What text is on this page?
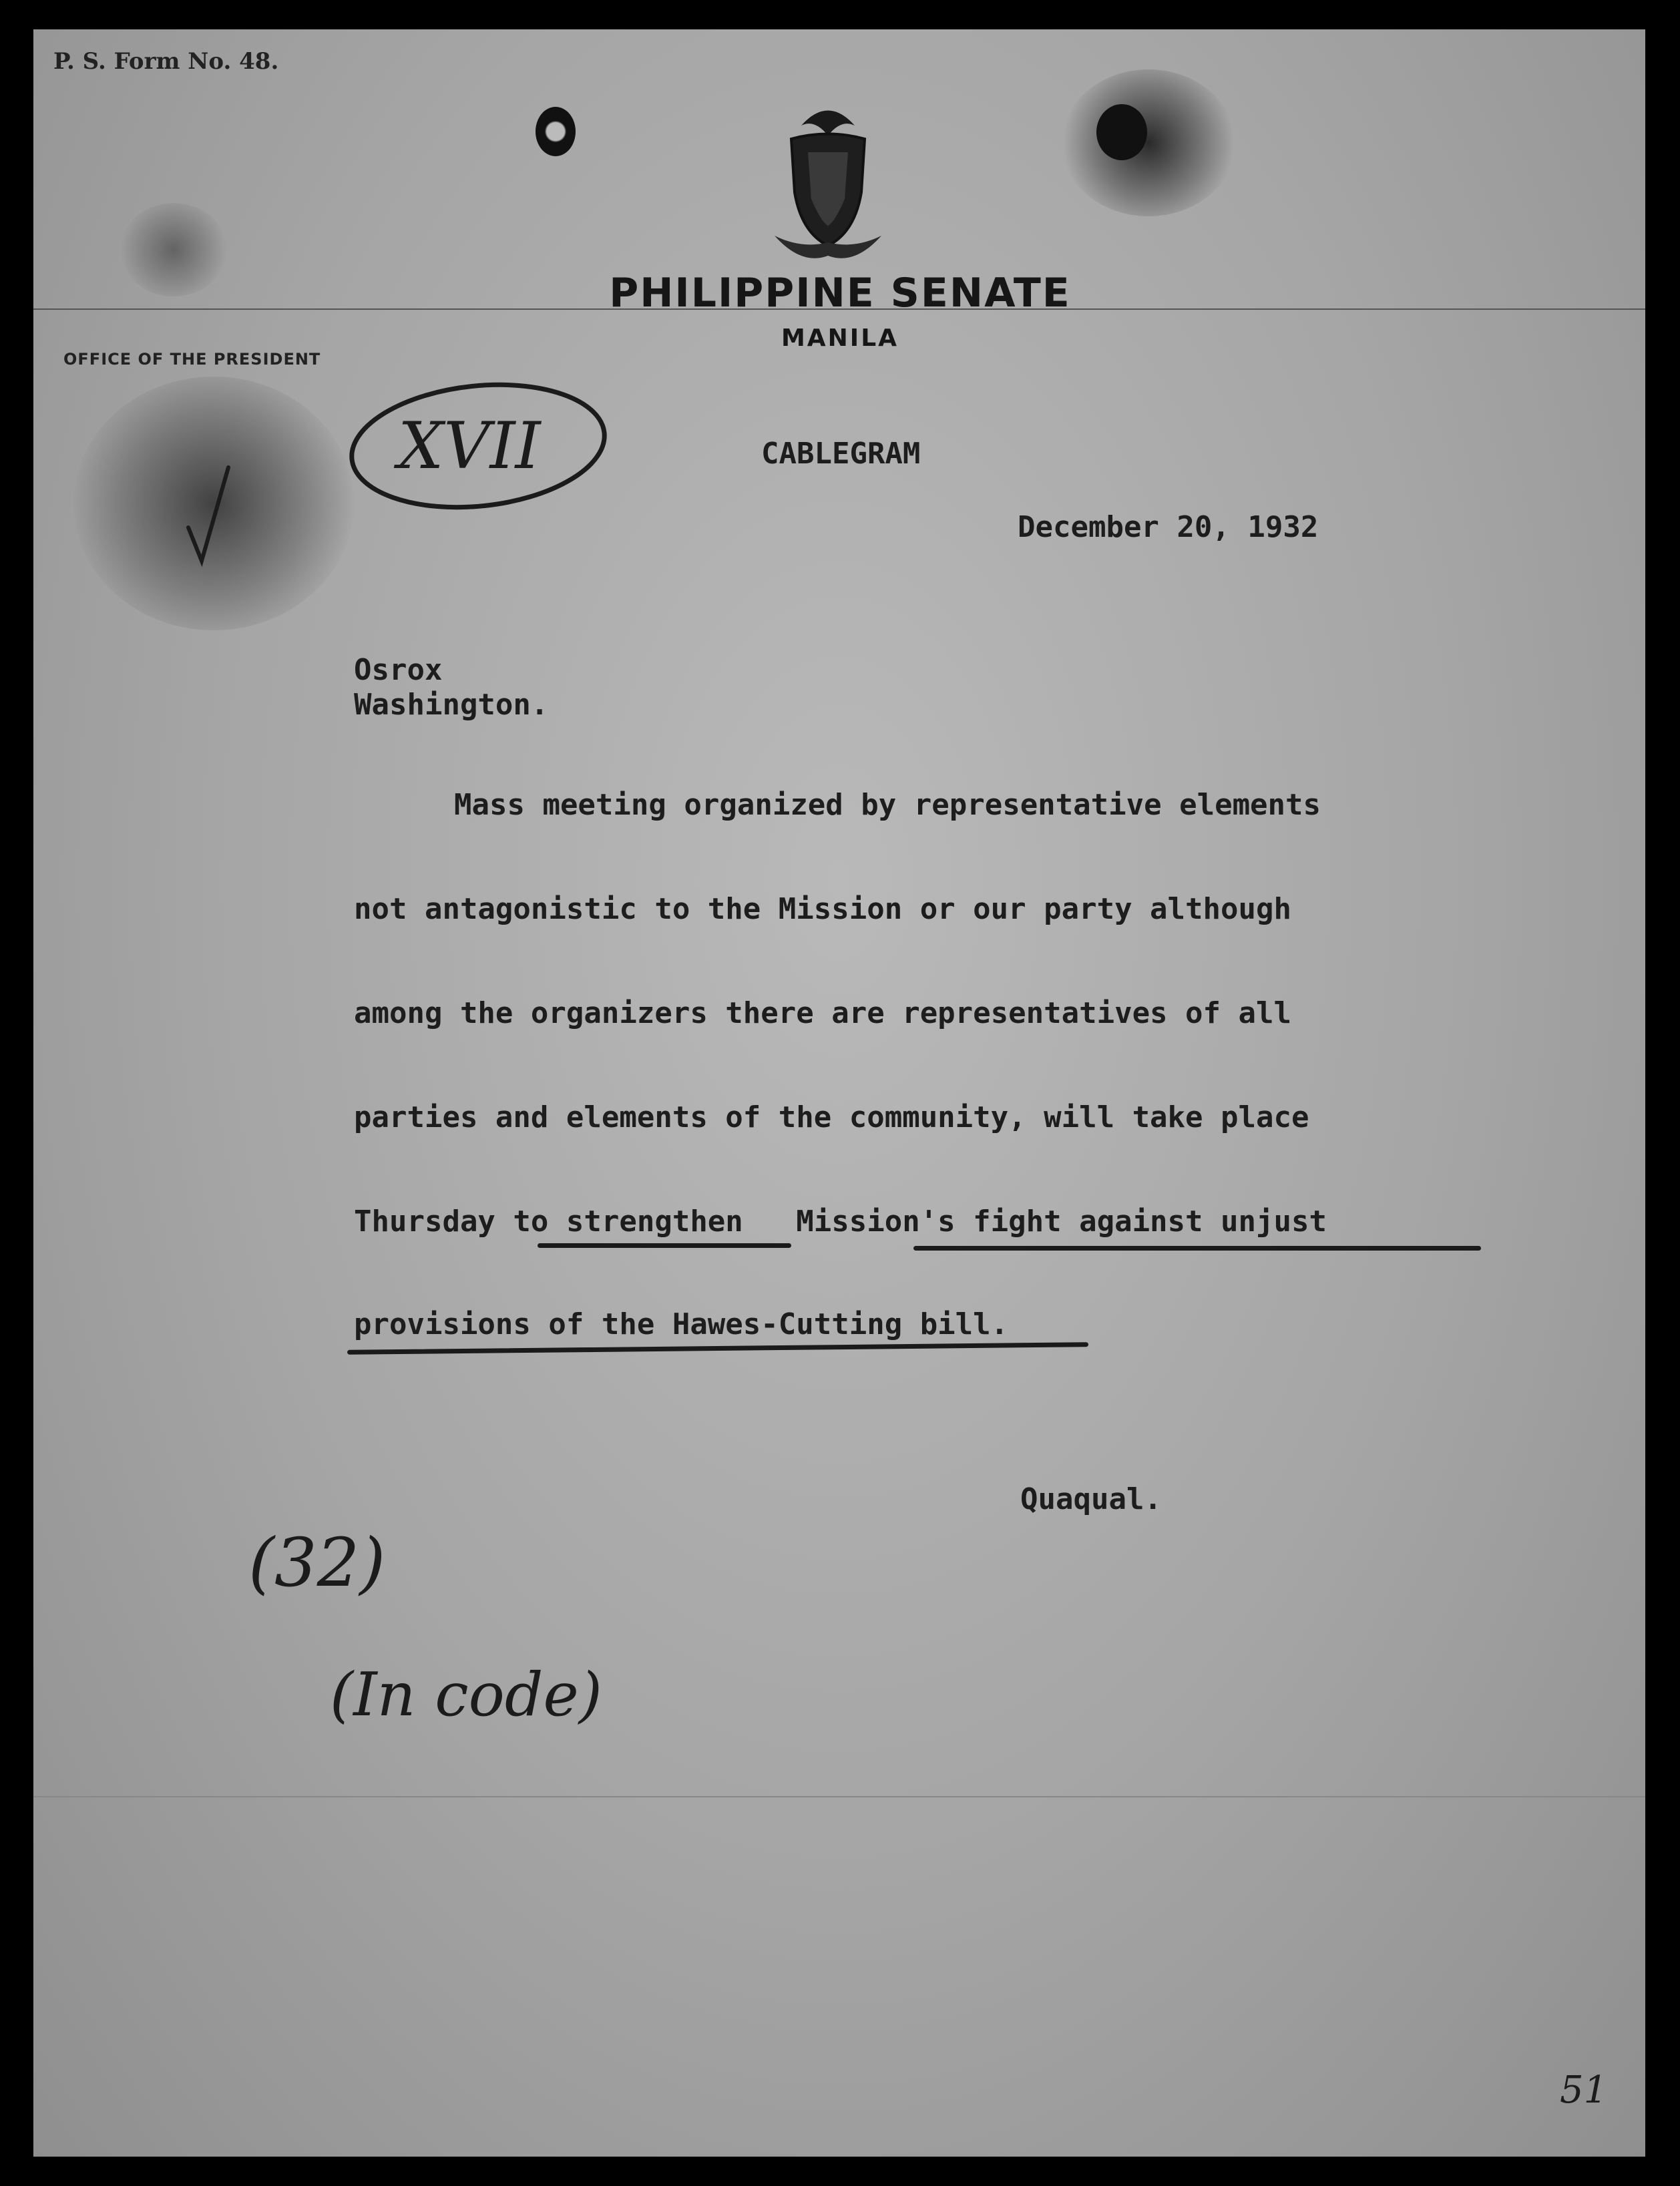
P. S. Form No. 48.
PHILIPPINE SENATE
MANILA
OFFICE OF THE PRESIDENT
XVII	CABLEGRAM
December 20, 1932
Osrox
Washington.
Mass meeting organized by representative elements
not antagonistic to the Mission or our party although
among the organizers there are representatives of all
parties and elements of the community, will take place
Thursday to strengthen   Mission's fight against unjust
provisions of the Hawes-Cutting bill.
Quaqual.
(32)
(In code)
51
